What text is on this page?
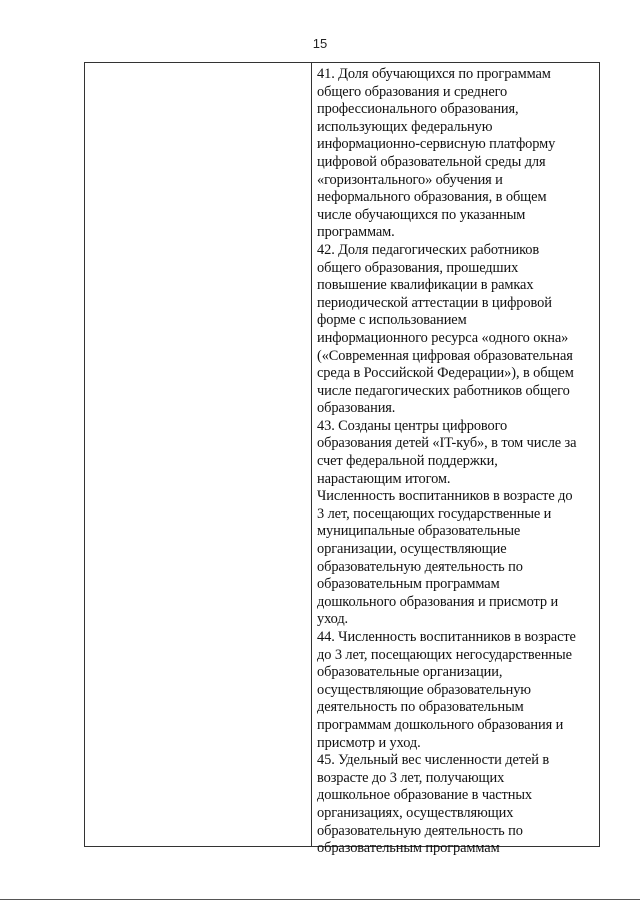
15
41. Доля обучающихся по программам
общего образования и среднего
профессионального образования,
использующих федеральную
информационно-сервисную платформу
цифровой образовательной среды для
«горизонтального» обучения и
неформального образования, в общем
числе обучающихся по указанным
программам.
42. Доля педагогических работников
общего образования, прошедших
повышение квалификации в рамках
периодической аттестации в цифровой
форме с использованием
информационного ресурса «одного окна»
(«Современная цифровая образовательная
среда в Российской Федерации»), в общем
числе педагогических работников общего
образования.
43. Созданы центры цифрового
образования детей «IT-куб», в том числе за
счет федеральной поддержки,
нарастающим итогом.
Численность воспитанников в возрасте до
3 лет, посещающих государственные и
муниципальные образовательные
организации, осуществляющие
образовательную деятельность по
образовательным программам
дошкольного образования и присмотр и
уход.
44. Численность воспитанников в возрасте
до 3 лет, посещающих негосударственные
образовательные организации,
осуществляющие образовательную
деятельность по образовательным
программам дошкольного образования и
присмотр и уход.
45. Удельный вес численности детей в
возрасте до 3 лет, получающих
дошкольное образование в частных
организациях, осуществляющих
образовательную деятельность по
образовательным программам
